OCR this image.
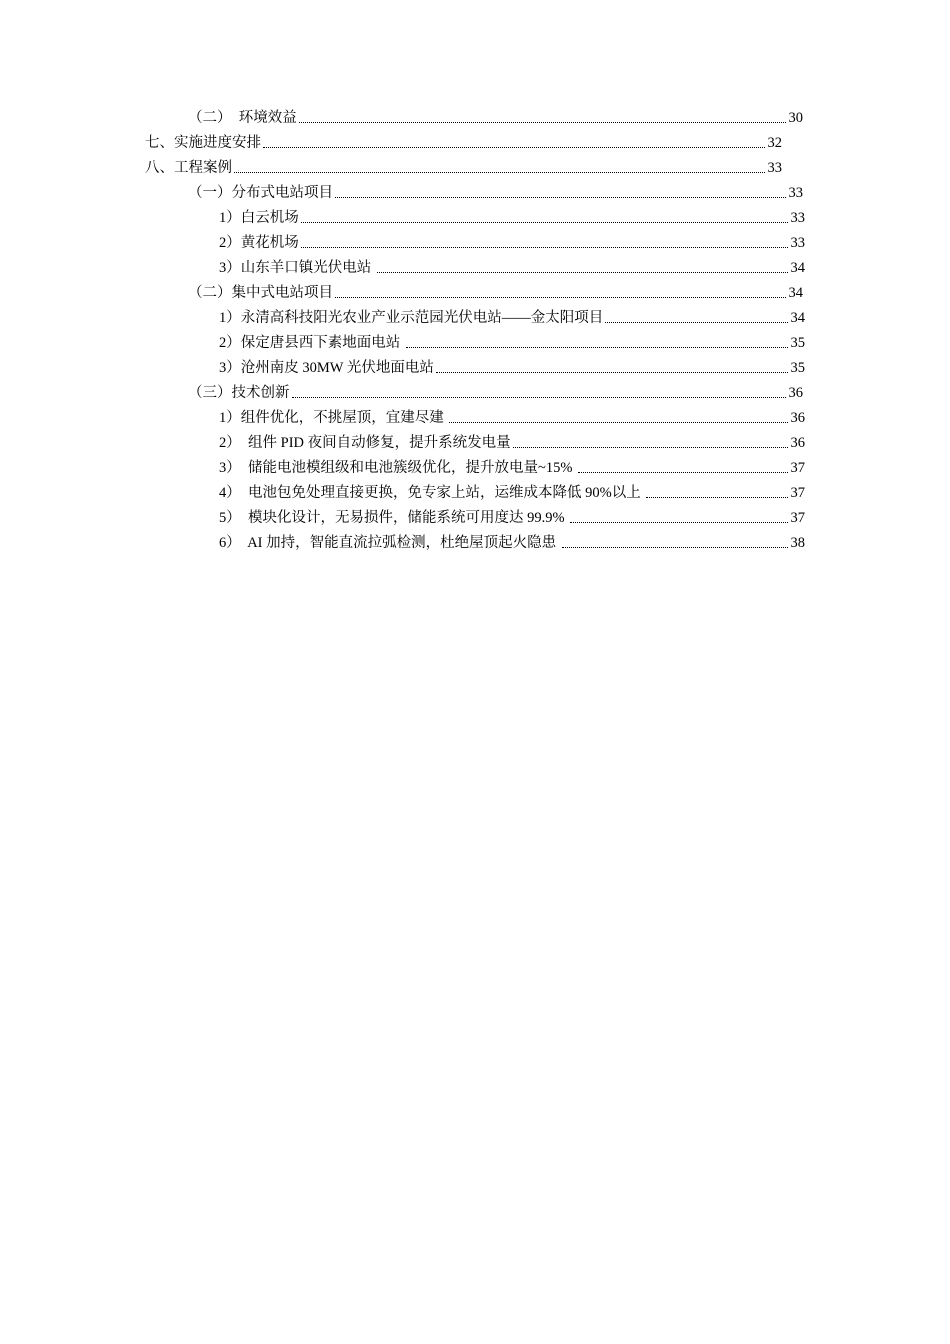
（二）  环境效益	30
七、实施进度安排	32
八、工程案例	33
（一）分布式电站项目	33
1）白云机场	33
2）黄花机场	33
3）山东羊口镇光伏电站	34
（二）集中式电站项目	34
1）永清高科技阳光农业产业示范园光伏电站——金太阳项目	34
2）保定唐县西下素地面电站	35
3）沧州南皮 30MW 光伏地面电站	35
（三）技术创新	36
1）组件优化，不挑屋顶，宜建尽建	36
2）  组件 PID 夜间自动修复，提升系统发电量	36
3）  储能电池模组级和电池簇级优化，提升放电量~15%	37
4）  电池包免处理直接更换，免专家上站，运维成本降低 90%以上	37
5）  模块化设计，无易损件，储能系统可用度达 99.9%	37
6）  AI 加持，智能直流拉弧检测，杜绝屋顶起火隐患	38
